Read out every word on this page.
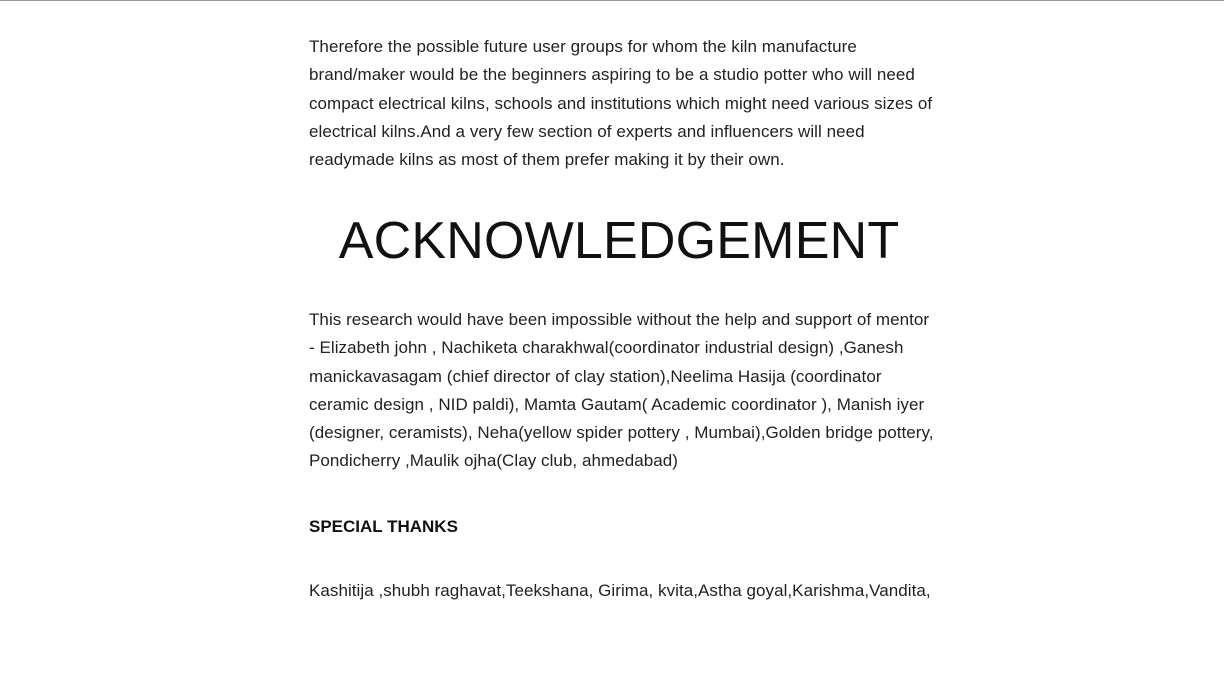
Therefore the possible future user groups for whom the kiln manufacture brand/maker would be the beginners aspiring to be a studio potter who will need compact electrical kilns, schools and institutions which might need various sizes of electrical kilns.And a very few section of experts and influencers will need readymade kilns as most of them prefer making it by their own.

ACKNOWLEDGEMENT

This research would have been impossible without the help and support of mentor - Elizabeth john , Nachiketa charakhwal(coordinator industrial design) ,Ganesh manickavasagam (chief director of clay station),Neelima Hasija (coordinator ceramic design , NID paldi), Mamta Gautam( Academic coordinator ), Manish iyer (designer, ceramists), Neha(yellow spider pottery , Mumbai),Golden bridge pottery, Pondicherry ,Maulik ojha(Clay club, ahmedabad)

SPECIAL THANKS

Kashitija ,shubh raghavat,Teekshana, Girima, kvita,Astha goyal,Karishma,Vandita,
